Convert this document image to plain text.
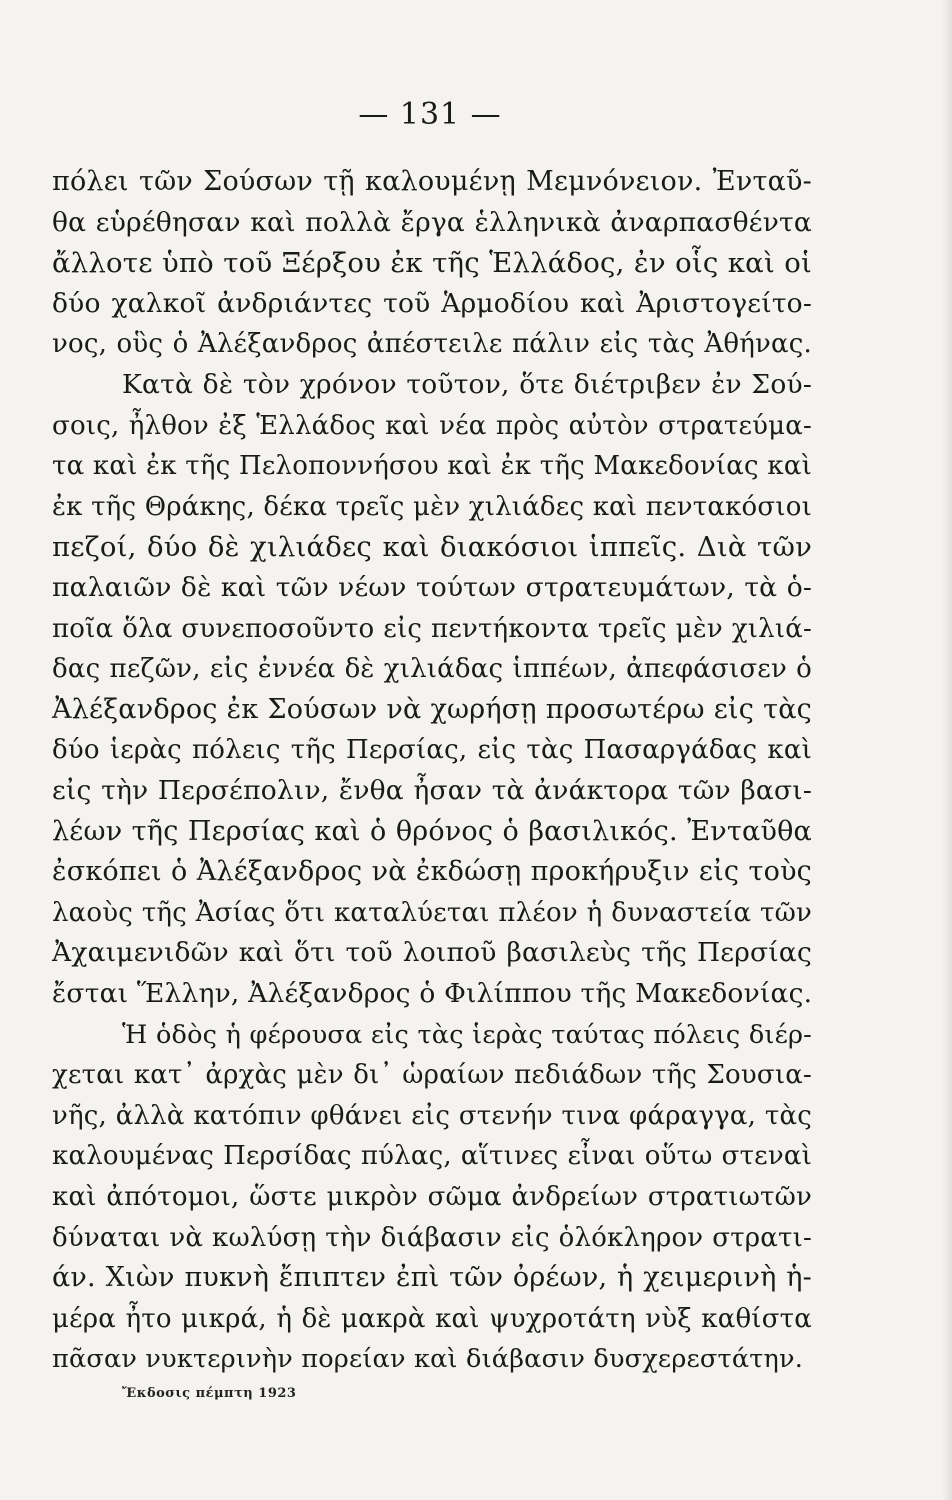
— 131 —
πόλει τῶν Σούσων τῇ καλουμένῃ Μεμνόνειον. Ἐνταῦ-
θα εὑρέθησαν καὶ πολλὰ ἔργα ἑλληνικὰ ἀναρπασθέντα
ἄλλοτε ὑπὸ τοῦ Ξέρξου ἐκ τῆς Ἑλλάδος, ἐν οἷς καὶ οἱ
δύο χαλκοῖ ἀνδριάντες τοῦ Ἁρμοδίου καὶ Ἀριστογείτο-
νος, οὓς ὁ Ἀλέξανδρος ἀπέστειλε πάλιν εἰς τὰς Ἀθήνας.
Κατὰ δὲ τὸν χρόνον τοῦτον, ὅτε διέτριβεν ἐν Σού-
σοις, ἦλθον ἐξ Ἑλλάδος καὶ νέα πρὸς αὐτὸν στρατεύμα-
τα καὶ ἐκ τῆς Πελοποννήσου καὶ ἐκ τῆς Μακεδονίας καὶ
ἐκ τῆς Θράκης, δέκα τρεῖς μὲν χιλιάδες καὶ πεντακόσιοι
πεζοί, δύο δὲ χιλιάδες καὶ διακόσιοι ἱππεῖς. Διὰ τῶν
παλαιῶν δὲ καὶ τῶν νέων τούτων στρατευμάτων, τὰ ὁ-
ποῖα ὅλα συνεποσοῦντο εἰς πεντήκοντα τρεῖς μὲν χιλιά-
δας πεζῶν, εἰς ἐννέα δὲ χιλιάδας ἱππέων, ἀπεφάσισεν ὁ
Ἀλέξανδρος ἐκ Σούσων νὰ χωρήσῃ προσωτέρω εἰς τὰς
δύο ἱερὰς πόλεις τῆς Περσίας, εἰς τὰς Πασαργάδας καὶ
εἰς τὴν Περσέπολιν, ἔνθα ἦσαν τὰ ἀνάκτορα τῶν βασι-
λέων τῆς Περσίας καὶ ὁ θρόνος ὁ βασιλικός. Ἐνταῦθα
ἐσκόπει ὁ Ἀλέξανδρος νὰ ἐκδώσῃ προκήρυξιν εἰς τοὺς
λαοὺς τῆς Ἀσίας ὅτι καταλύεται πλέον ἡ δυναστεία τῶν
Ἀχαιμενιδῶν καὶ ὅτι τοῦ λοιποῦ βασιλεὺς τῆς Περσίας
ἔσται Ἕλλην, Ἀλέξανδρος ὁ Φιλίππου τῆς Μακεδονίας.
Ἡ ὁδὸς ἡ φέρουσα εἰς τὰς ἱερὰς ταύτας πόλεις διέρ-
χεται κατ᾽ ἀρχὰς μὲν δι᾽ ὡραίων πεδιάδων τῆς Σουσια-
νῆς, ἀλλὰ κατόπιν φθάνει εἰς στενήν τινα φάραγγα, τὰς
καλουμένας Περσίδας πύλας, αἵτινες εἶναι οὕτω στεναὶ
καὶ ἀπότομοι, ὥστε μικρὸν σῶμα ἀνδρείων στρατιωτῶν
δύναται νὰ κωλύσῃ τὴν διάβασιν εἰς ὁλόκληρον στρατι-
άν. Χιὼν πυκνὴ ἔπιπτεν ἐπὶ τῶν ὀρέων, ἡ χειμερινὴ ἡ-
μέρα ἦτο μικρά, ἡ δὲ μακρὰ καὶ ψυχροτάτη νὺξ καθίστα
πᾶσαν νυκτερινὴν πορείαν καὶ διάβασιν δυσχερεστάτην.
Ἔκδοσις πέμπτη 1923
